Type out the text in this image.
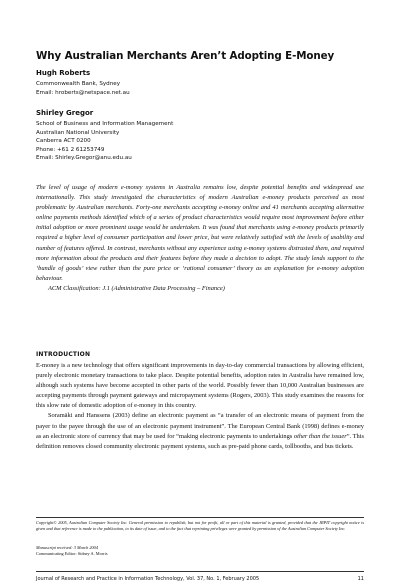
Why Australian Merchants Aren’t Adopting E-Money
Hugh Roberts
Commonwealth Bank, Sydney
Email: hroberts@netspace.net.au
Shirley Gregor
School of Business and Information Management
Australian National University
Canberra ACT 0200
Phone: +61 2 61253749
Email: Shirley.Gregor@anu.edu.au
The level of usage of modern e-money systems in Australia remains low, despite potential benefits and widespread use internationally. This study investigated the characteristics of modern Australian e-money products perceived as most problematic by Australian merchants. Forty-one merchants accepting e-money online and 41 merchants accepting alternative online payments methods identified which of a series of product characteristics would require most improvement before either initial adoption or more prominent usage would be undertaken. It was found that merchants using e-money products primarily required a higher level of consumer participation and lower price, but were relatively satisfied with the levels of usability and number of features offered. In contrast, merchants without any experience using e-money systems distrusted them, and required more information about the products and their features before they made a decision to adopt. The study lends support to the ‘bundle of goods’ view rather than the pure price or ‘rational consumer’ theory as an explanation for e-money adoption behaviour.
ACM Classification: J.1 (Administrative Data Processing – Finance)
INTRODUCTION

E-money is a new technology that offers significant improvements in day-to-day commercial transactions by allowing efficient, purely electronic monetary transactions to take place. Despite potential benefits, adoption rates in Australia have remained low, although such systems have become accepted in other parts of the world. Possibly fewer than 10,000 Australian businesses are accepting payments through payment gateways and micropayment systems (Rogers, 2003). This study examines the reasons for this slow rate of domestic adoption of e-money in this country.

Soramäki and Hanssens (2003) define an electronic payment as “a transfer of an electronic means of payment from the payer to the payee through the use of an electronic payment instrument”. The European Central Bank (1998) defines e-money as an electronic store of currency that may be used for “making electronic payments to undertakings other than the issuer”. This definition removes closed community electronic payment systems, such as pre-paid phone cards, tollbooths, and bus tickets.

Copyright© 2005, Australian Computer Society Inc. General permission to republish, but not for profit, all or part of this material is granted, provided that the JRPIT copyright notice is given and that reference is made to the publication, to its date of issue, and to the fact that reprinting privileges were granted by permission of the Australian Computer Society Inc.
Manuscript received: 3 March 2004
Communicating Editor: Sidney A. Morris
Journal of Research and Practice in Information Technology, Vol. 37, No. 1, February 2005	11
